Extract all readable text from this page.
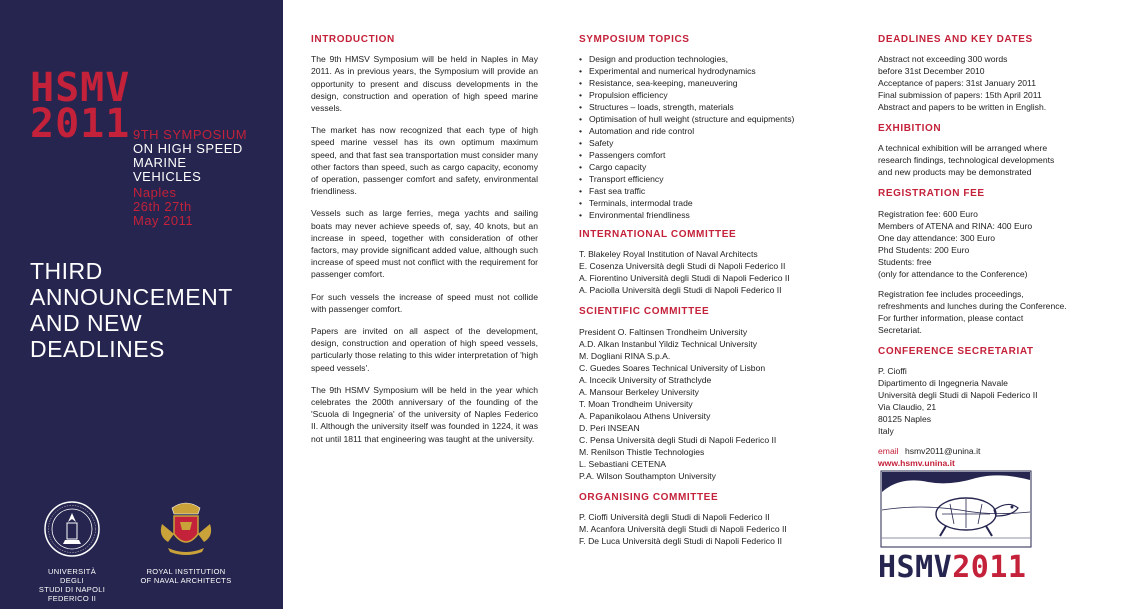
HSMV
2011 9TH SYMPOSIUM
ON HIGH SPEED
MARINE
VEHICLES
Naples
26th 27th
May 2011
THIRD
ANNOUNCEMENT
AND NEW
DEADLINES
UNIVERSITÀ DEGLI
STUDI DI NAPOLI
FEDERICO II
ROYAL INSTITUTION
OF NAVAL ARCHITECTS
INTRODUCTION
The 9th HMSV Symposium will be held in Naples in May 2011. As in previous years, the Symposium will provide an opportunity to present and discuss developments in the design, construction and operation of high speed marine vessels.
The market has now recognized that each type of high speed marine vessel has its own optimum maximum speed, and that fast sea transportation must consider many other factors than speed, such as cargo capacity, economy of operation, passenger comfort and safety, environmental friendliness.
Vessels such as large ferries, mega yachts and sailing boats may never achieve speeds of, say, 40 knots, but an increase in speed, together with consideration of other factors, may provide significant added value, although such increase of speed must not conflict with the requirement for passenger comfort.
For such vessels the increase of speed must not collide with passenger comfort.
Papers are invited on all aspect of the development, design, construction and operation of high speed vessels, particularly those relating to this wider interpretation of 'high speed vessels'.
The 9th HSMV Symposium will be held in the year which celebrates the 200th anniversary of the founding of the 'Scuola di Ingegneria' of the university of Naples Federico II. Although the university itself was founded in 1224, it was not until 1811 that engineering was taught at the university.
SYMPOSIUM TOPICS
• Design and production technologies,
• Experimental and numerical hydrodynamics
• Resistance, sea-keeping, maneuvering
• Propulsion efficiency
• Structures – loads, strength, materials
• Optimisation of hull weight (structure and equipments)
• Automation and ride control
• Safety
• Passengers comfort
• Cargo capacity
• Transport efficiency
• Fast sea traffic
• Terminals, intermodal trade
• Environmental friendliness
INTERNATIONAL COMMITTEE
T. Blakeley Royal Institution of Naval Architects
E. Cosenza Università degli Studi di Napoli Federico II
A. Fiorentino Università degli Studi di Napoli Federico II
A. Paciolla Università degli Studi di Napoli Federico II
SCIENTIFIC COMMITTEE
President O. Faltinsen Trondheim University
A.D. Alkan Instanbul Yildiz Technical University
M. Dogliani RINA S.p.A.
C. Guedes Soares Technical University of Lisbon
A. Incecik University of Strathclyde
A. Mansour Berkeley University
T. Moan Trondheim University
A. Papanikolaou Athens University
D. Peri INSEAN
C. Pensa Università degli Studi di Napoli Federico II
M. Renilson Thistle Technologies
L. Sebastiani CETENA
P.A. Wilson Southampton University
ORGANISING COMMITTEE
P. Cioffi Università degli Studi di Napoli Federico II
M. Acanfora Università degli Studi di Napoli Federico II
F. De Luca Università degli Studi di Napoli Federico II
DEADLINES AND KEY DATES
Abstract not exceeding 300 words
before 31st December 2010
Acceptance of papers: 31st January 2011
Final submission of papers: 15th April 2011
Abstract and papers to be written in English.
EXHIBITION
A technical exhibition will be arranged where
research findings, technological developments
and new products may be demonstrated
REGISTRATION FEE
Registration fee: 600 Euro
Members of ATENA and RINA: 400 Euro
One day attendance: 300 Euro
Phd Students: 200 Euro
Students: free
(only for attendance to the Conference)
Registration fee includes proceedings,
refreshments and lunches during the Conference.
For further information, please contact
Secretariat.
CONFERENCE SECRETARIAT
P. Cioffi
Dipartimento di Ingegneria Navale
Università degli Studi di Napoli Federico II
Via Claudio, 21
80125 Naples
Italy
email hsmv2011@unina.it
www.hsmv.unina.it
HSMV2011
